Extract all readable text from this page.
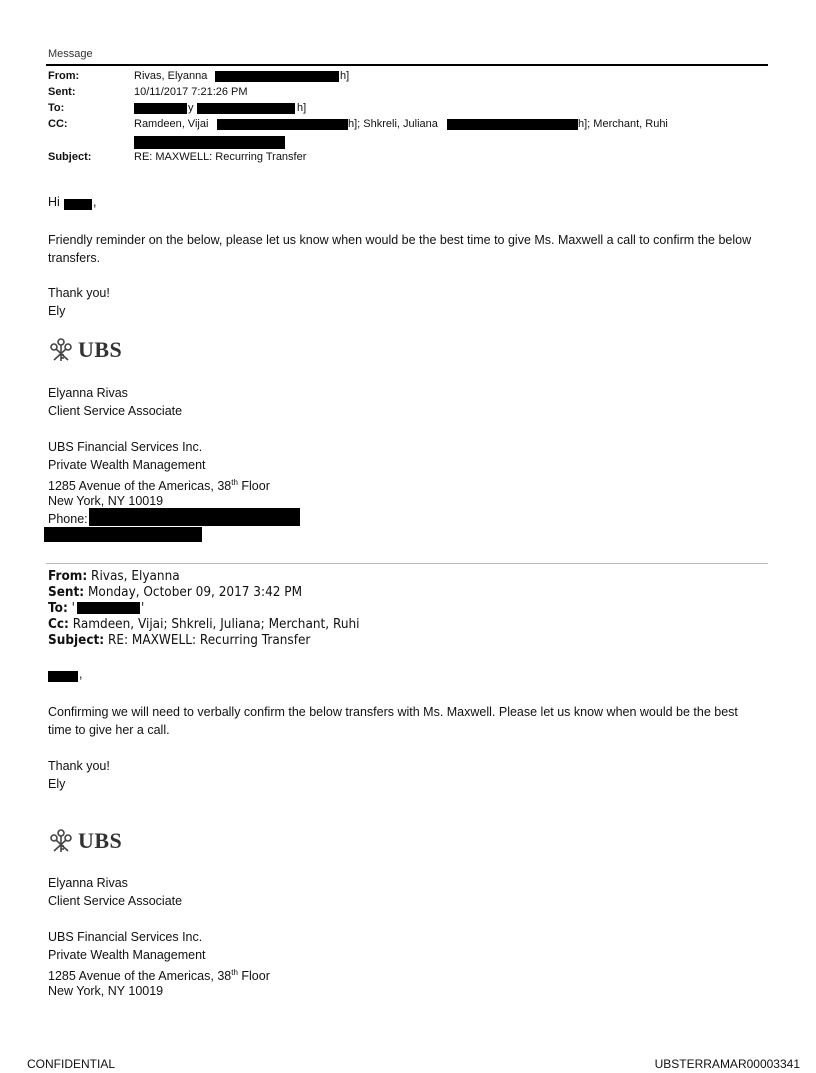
Message
From:	Rivas, Elyanna	h]
Sent:	10/11/2017 7:21:26 PM
To:	y	h]
CC:	Ramdeen, Vijai	h]; Shkreli, Juliana	h]; Merchant, Ruhi
Subject:	RE: MAXWELL: Recurring Transfer
Hi	,
Friendly reminder on the below, please let us know when would be the best time to give Ms. Maxwell a call to confirm the below transfers.
Thank you!
Ely
UBS
Elyanna Rivas
Client Service Associate
UBS Financial Services Inc.
Private Wealth Management
1285 Avenue of the Americas, 38th Floor
New York, NY 10019
Phone:
From: Rivas, Elyanna
Sent: Monday, October 09, 2017 3:42 PM
To: '	'
Cc: Ramdeen, Vijai; Shkreli, Juliana; Merchant, Ruhi
Subject: RE: MAXWELL: Recurring Transfer
,
Confirming we will need to verbally confirm the below transfers with Ms. Maxwell. Please let us know when would be the best time to give her a call.
Thank you!
Ely
UBS
Elyanna Rivas
Client Service Associate
UBS Financial Services Inc.
Private Wealth Management
1285 Avenue of the Americas, 38th Floor
New York, NY 10019
CONFIDENTIAL	UBSTERRAMAR00003341
